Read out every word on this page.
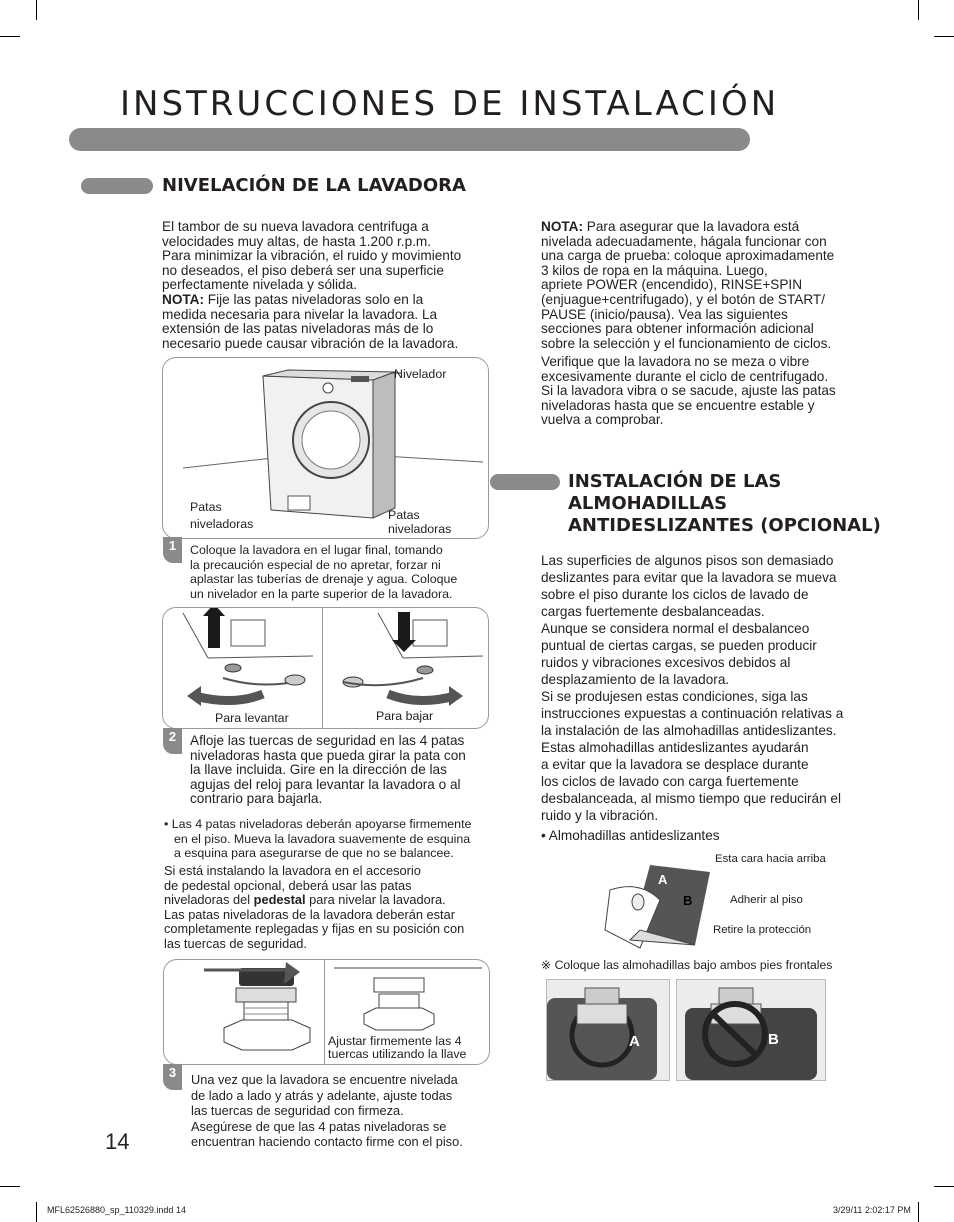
INSTRUCCIONES DE INSTALACIÓN
NIVELACIÓN DE LA LAVADORA

El tambor de su nueva lavadora centrifuga a

velocidades muy altas, de hasta 1.200 r.p.m.

Para minimizar la vibración, el ruido y movimiento

no deseados, el piso deberá ser una superficie

perfectamente nivelada y sólida.

NOTA: Fije las patas niveladoras solo en la

medida necesaria para nivelar la lavadora. La

extensión de las patas niveladoras más de lo

necesario puede causar vibración de la lavadora.

Nivelador
Patas
niveladoras
Patas
niveladoras
1	Coloque la lavadora en el lugar final, tomando
la precaución especial de no apretar, forzar ni
aplastar las tuberías de drenaje y agua. Coloque
un nivelador en la parte superior de la lavadora.
Para levantar	Para bajar
2	Afloje las tuercas de seguridad en las 4 patas
niveladoras hasta que pueda girar la pata con
la llave incluida. Gire en la dirección de las
agujas del reloj para levantar la lavadora o al
contrario para bajarla.
• Las 4 patas niveladoras deberán apoyarse firmemente
en el piso. Mueva la lavadora suavemente de esquina
a esquina para asegurarse de que no se balancee.
Si está instalando la lavadora en el accesorio
de pedestal opcional, deberá usar las patas
niveladoras del pedestal para nivelar la lavadora.
Las patas niveladoras de la lavadora deberán estar
completamente replegadas y fijas en su posición con
las tuercas de seguridad.
Ajustar firmemente las 4
tuercas utilizando la llave
3	Una vez que la lavadora se encuentre nivelada
de lado a lado y atrás y adelante, ajuste todas
las tuercas de seguridad con firmeza.
Asegúrese de que las 4 patas niveladoras se
encuentran haciendo contacto firme con el piso.
14

NOTA: Para asegurar que la lavadora está

nivelada adecuadamente, hágala funcionar con

una carga de prueba: coloque aproximadamente

3 kilos de ropa en la máquina. Luego,

apriete POWER (encendido), RINSE+SPIN

(enjuague+centrifugado), y el botón de START/

PAUSE (inicio/pausa). Vea las siguientes

secciones para obtener información adicional

sobre la selección y el funcionamiento de ciclos.

Verifique que la lavadora no se meza o vibre

excesivamente durante el ciclo de centrifugado.

Si la lavadora vibra o se sacude, ajuste las patas

niveladoras hasta que se encuentre estable y

vuelva a comprobar.

INSTALACIÓN DE LAS
ALMOHADILLAS
ANTIDESLIZANTES (OPCIONAL)
Las superficies de algunos pisos son demasiado
deslizantes para evitar que la lavadora se mueva
sobre el piso durante los ciclos de lavado de
cargas fuertemente desbalanceadas.
Aunque se considera normal el desbalanceo
puntual de ciertas cargas, se pueden producir
ruidos y vibraciones excesivos debidos al
desplazamiento de la lavadora.
Si se produjesen estas condiciones, siga las
instrucciones expuestas a continuación relativas a
la instalación de las almohadillas antideslizantes.
Estas almohadillas antideslizantes ayudarán
a evitar que la lavadora se desplace durante
los ciclos de lavado con carga fuertemente
desbalanceada, al mismo tiempo que reducirán el
ruido y la vibración.
• Almohadillas antideslizantes
A
B
Esta cara hacia arriba
Adherir al piso
Retire la protección
※ Coloque las almohadillas bajo ambos pies frontales
A	B
MFL62526880_sp_110329.indd 14	3/29/11 2:02:17 PM
